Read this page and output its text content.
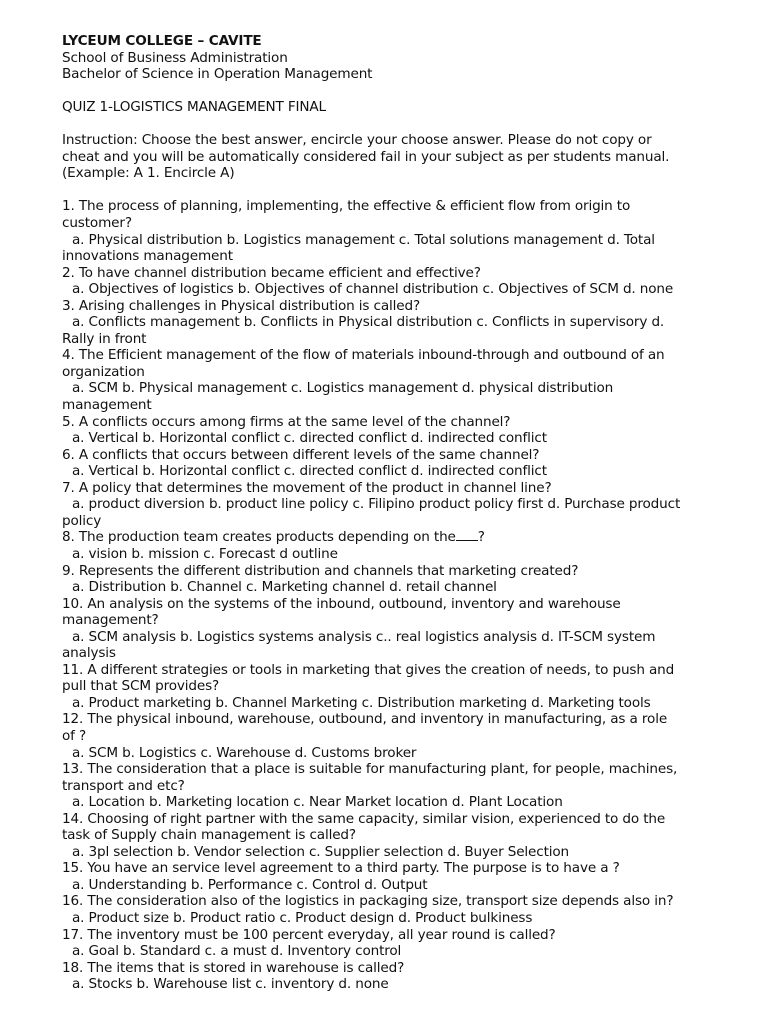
LYCEUM COLLEGE – CAVITE
School of Business Administration
Bachelor of Science in Operation Management
QUIZ 1-LOGISTICS MANAGEMENT FINAL
Instruction: Choose the best answer, encircle your choose answer. Please do not copy or
cheat and you will be automatically considered fail in your subject as per students manual.
(Example: A 1. Encircle A)
1. The process of planning, implementing, the effective & efficient flow from origin to
customer?
a. Physical distribution b. Logistics management c. Total solutions management d. Total
innovations management
2. To have channel distribution became efficient and effective?
a. Objectives of logistics b. Objectives of channel distribution c. Objectives of SCM d. none
3. Arising challenges in Physical distribution is called?
a. Conflicts management b. Conflicts in Physical distribution c. Conflicts in supervisory d.
Rally in front
4. The Efficient management of the flow of materials inbound-through and outbound of an
organization
a. SCM b. Physical management c. Logistics management d. physical distribution
management
5. A conflicts occurs among firms at the same level of the channel?
a. Vertical b. Horizontal conflict c. directed conflict d. indirected conflict
6. A conflicts that occurs between different levels of the same channel?
a. Vertical b. Horizontal conflict c. directed conflict d. indirected conflict
7. A policy that determines the movement of the product in channel line?
a. product diversion b. product line policy c. Filipino product policy first d. Purchase product
policy
8. The production team creates products depending on the ?
a. vision b. mission c. Forecast d outline
9. Represents the different distribution and channels that marketing created?
a. Distribution b. Channel c. Marketing channel d. retail channel
10. An analysis on the systems of the inbound, outbound, inventory and warehouse
management?
a. SCM analysis b. Logistics systems analysis c.. real logistics analysis d. IT-SCM system
analysis
11. A different strategies or tools in marketing that gives the creation of needs, to push and
pull that SCM provides?
a. Product marketing b. Channel Marketing c. Distribution marketing d. Marketing tools
12. The physical inbound, warehouse, outbound, and inventory in manufacturing, as a role
of ?
a. SCM b. Logistics c. Warehouse d. Customs broker
13. The consideration that a place is suitable for manufacturing plant, for people, machines,
transport and etc?
a. Location b. Marketing location c. Near Market location d. Plant Location
14. Choosing of right partner with the same capacity, similar vision, experienced to do the
task of Supply chain management is called?
a. 3pl selection b. Vendor selection c. Supplier selection d. Buyer Selection
15. You have an service level agreement to a third party. The purpose is to have a ?
a. Understanding b. Performance c. Control d. Output
16. The consideration also of the logistics in packaging size, transport size depends also in?
a. Product size b. Product ratio c. Product design d. Product bulkiness
17. The inventory must be 100 percent everyday, all year round is called?
a. Goal b. Standard c. a must d. Inventory control
18. The items that is stored in warehouse is called?
a. Stocks b. Warehouse list c. inventory d. none
